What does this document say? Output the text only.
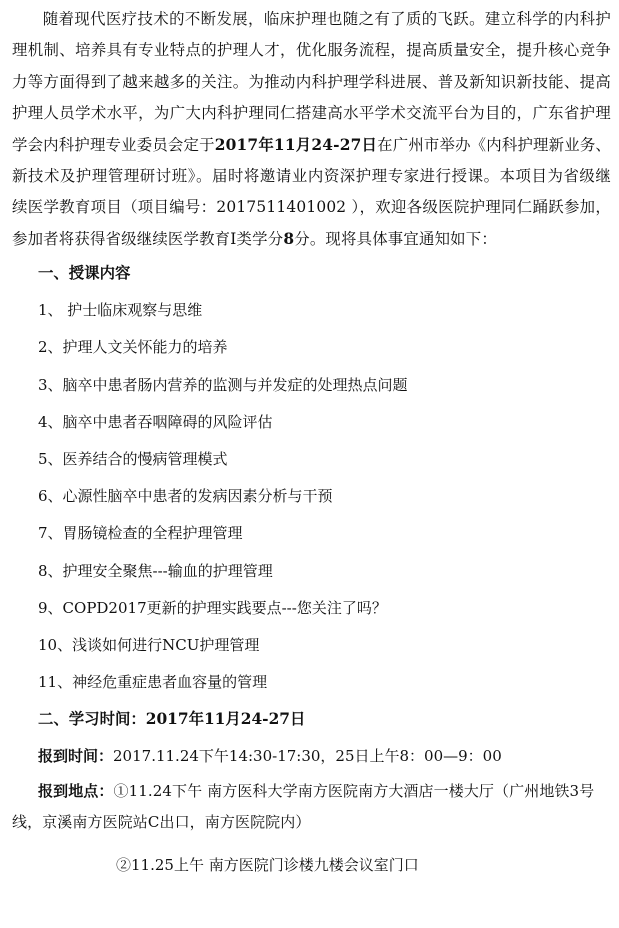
随着现代医疗技术的不断发展，临床护理也随之有了质的飞跃。建立科学的内科护理机制、培养具有专业特点的护理人才，优化服务流程，提高质量安全，提升核心竞争力等方面得到了越来越多的关注。为推动内科护理学科进展、普及新知识新技能、提高护理人员学术水平，为广大内科护理同仁搭建高水平学术交流平台为目的，广东省护理学会内科护理专业委员会定于2017年11月24-27日在广州市举办《内科护理新业务、新技术及护理管理研讨班》。届时将邀请业内资深护理专家进行授课。本项目为省级继续医学教育项目（项目编号：2017511401002 ），欢迎各级医院护理同仁踊跃参加，参加者将获得省级继续医学教育Ⅰ类学分8分。现将具体事宜通知如下：

一、授课内容
1、 护士临床观察与思维
2、护理人文关怀能力的培养
3、脑卒中患者肠内营养的监测与并发症的处理热点问题
4、脑卒中患者吞咽障碍的风险评估
5、医养结合的慢病管理模式
6、心源性脑卒中患者的发病因素分析与干预
7、胃肠镜检查的全程护理管理
8、护理安全聚焦---输血的护理管理
9、COPD2017更新的护理实践要点---您关注了吗？
10、浅谈如何进行NCU护理管理
11、神经危重症患者血容量的管理
二、学习时间：2017年11月24-27日

报到时间：2017.11.24下午14:30-17:30，25日上午8：00—9：00

报到地点：①11.24下午 南方医科大学南方医院南方大酒店一楼大厅（广州地铁3号线，京溪南方医院站C出口，南方医院院内）

②11.25上午 南方医院门诊楼九楼会议室门口
